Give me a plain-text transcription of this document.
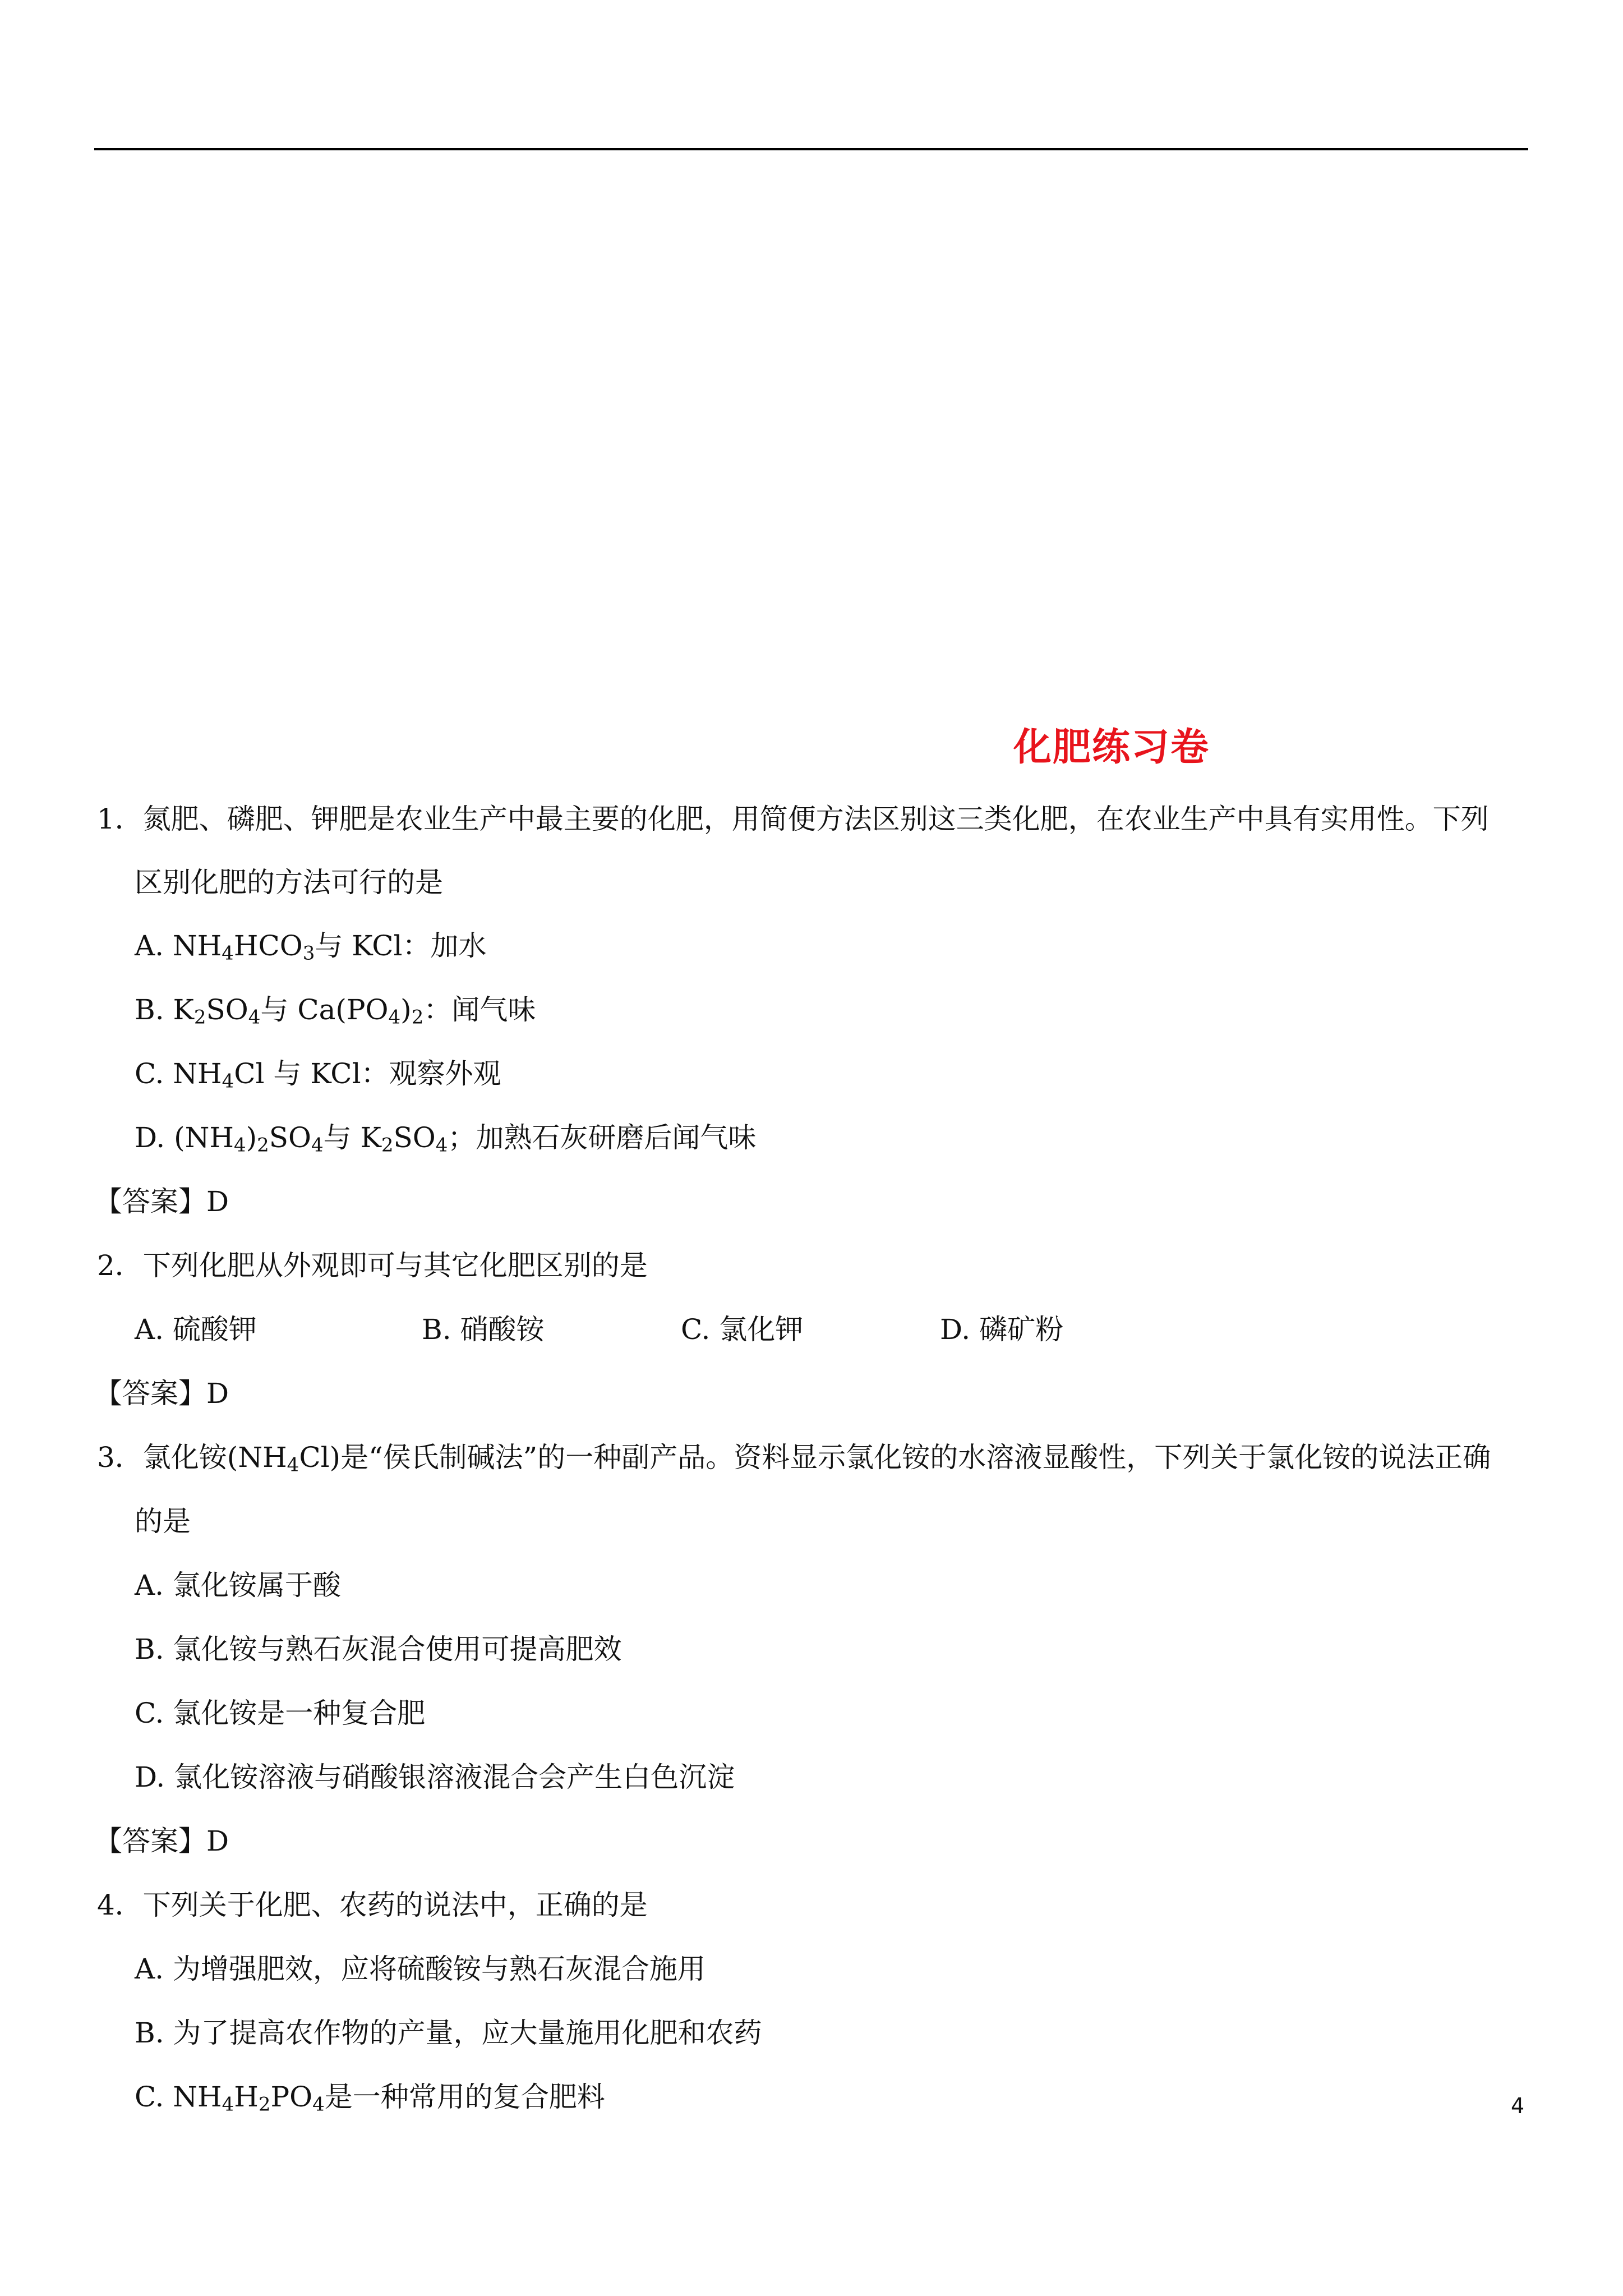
化肥练习卷
1．氮肥、磷肥、钾肥是农业生产中最主要的化肥，用简便方法区别这三类化肥，在农业生产中具有实用性。下列
区别化肥的方法可行的是
A. $NH_4HCO_3$与 KCl：加水
B. $K_2SO_4$与 $Ca(PO_4)_2$：闻气味
C. $NH_4Cl$ 与 KCl：观察外观
D. $(NH_4)_2SO_4$与 $K_2SO_4$；加熟石灰研磨后闻气味
【答案】D
2．下列化肥从外观即可与其它化肥区别的是
A. 硫酸钾	B. 硝酸铵	C. 氯化钾	D. 磷矿粉
【答案】D
3．氯化铵$(NH_4Cl)$是“侯氏制碱法”的一种副产品。资料显示氯化铵的水溶液显酸性，下列关于氯化铵的说法正确
的是
A. 氯化铵属于酸
B. 氯化铵与熟石灰混合使用可提高肥效
C. 氯化铵是一种复合肥
D. 氯化铵溶液与硝酸银溶液混合会产生白色沉淀
【答案】D
4．下列关于化肥、农药的说法中，正确的是
A. 为增强肥效，应将硫酸铵与熟石灰混合施用
B. 为了提高农作物的产量，应大量施用化肥和农药
C. $NH_4H_2PO_4$是一种常用的复合肥料	4
